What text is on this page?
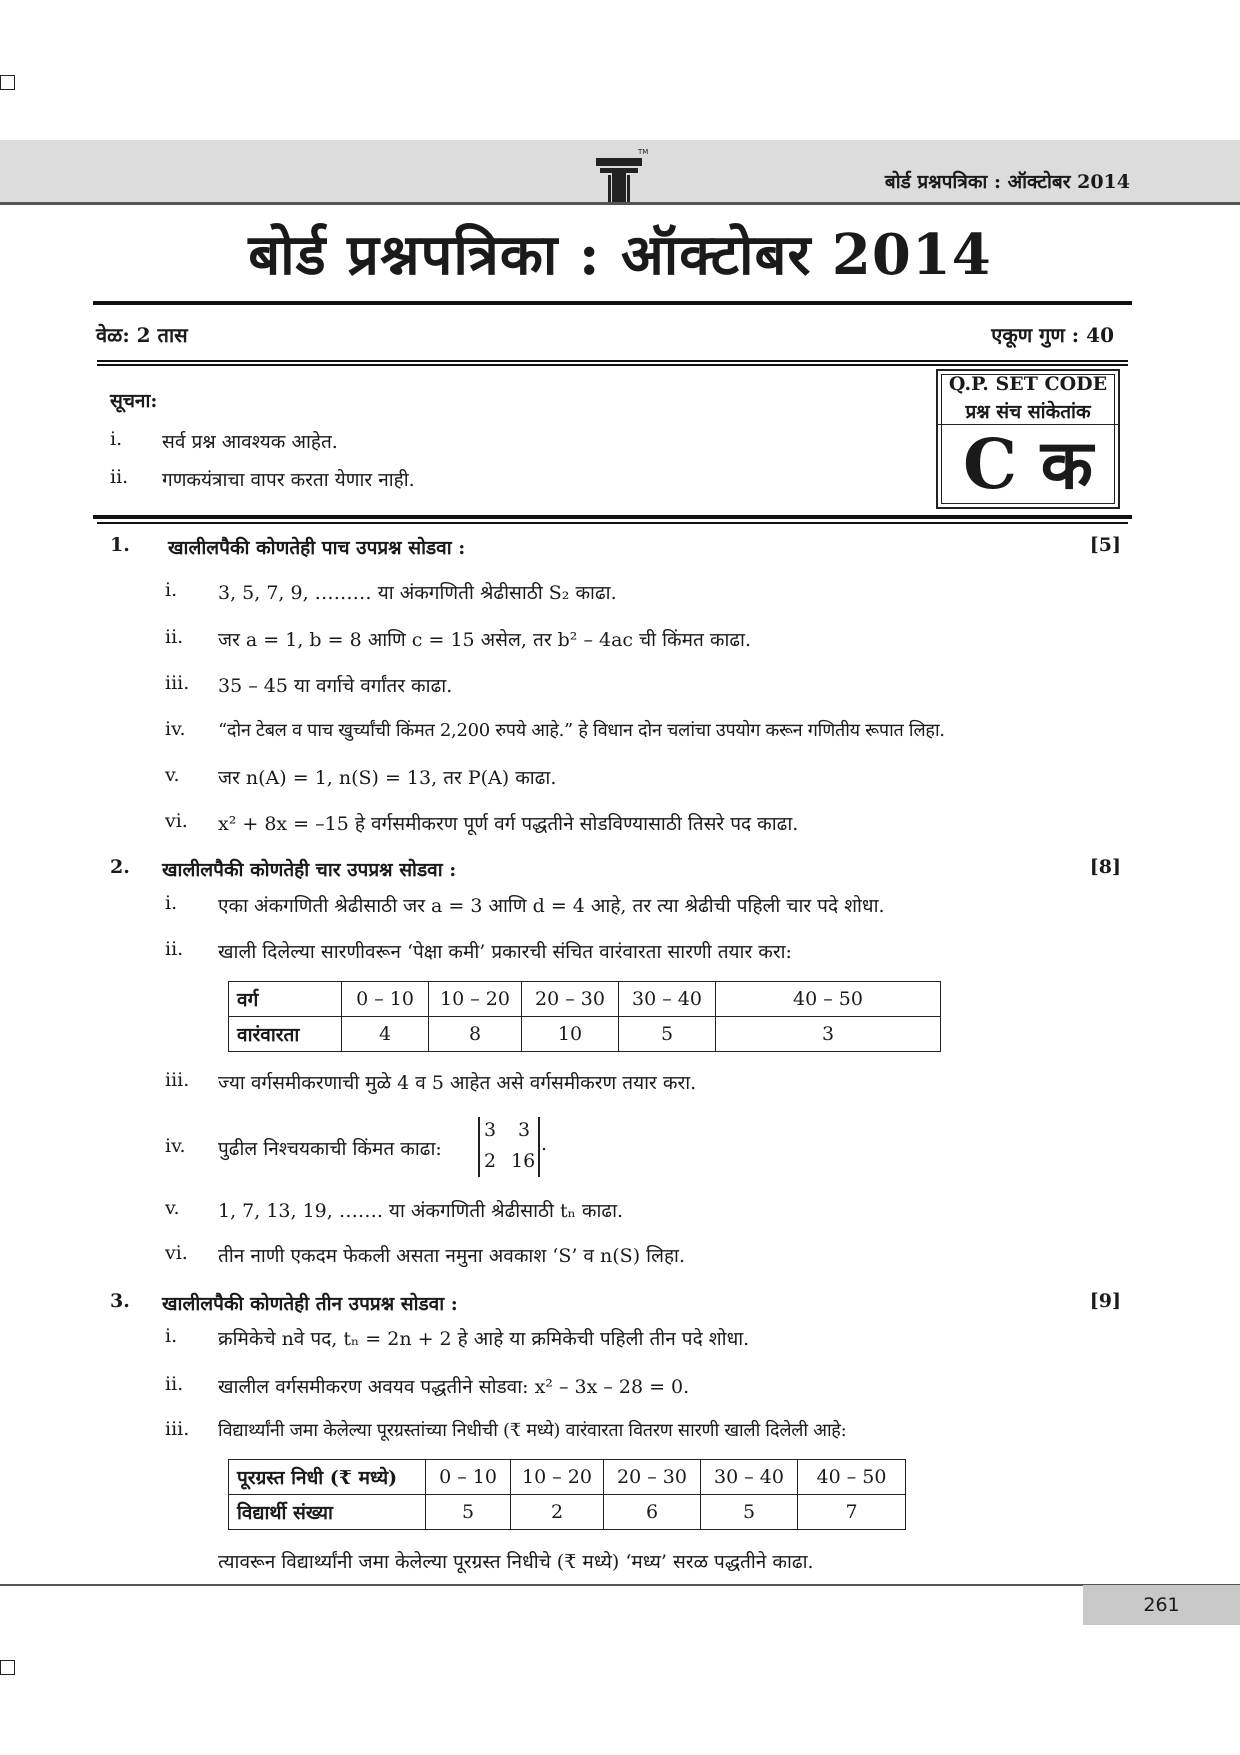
TM
बोर्ड प्रश्नपत्रिका : ऑक्टोबर 2014
बोर्ड प्रश्नपत्रिका : ऑक्टोबर 2014
वेळ: 2 तास	एकूण गुण : 40
Q.P. SET CODE
प्रश्न संच सांकेतांक
C क
सूचना:
i. सर्व प्रश्न आवश्यक आहेत.
ii. गणकयंत्राचा वापर करता येणार नाही.
1. खालीलपैकी कोणतेही पाच उपप्रश्न सोडवा :	[5]
i. 3, 5, 7, 9, ……… या अंकगणिती श्रेढीसाठी S₂ काढा.
ii. जर a = 1, b = 8 आणि c = 15 असेल, तर b² – 4ac ची किंमत काढा.
iii. 35 – 45 या वर्गाचे वर्गांतर काढा.
iv. “दोन टेबल व पाच खुर्च्यांची किंमत 2,200 रुपये आहे.” हे विधान दोन चलांचा उपयोग करून गणितीय रूपात लिहा.
v. जर n(A) = 1, n(S) = 13, तर P(A) काढा.
vi. x² + 8x = –15 हे वर्गसमीकरण पूर्ण वर्ग पद्धतीने सोडविण्यासाठी तिसरे पद काढा.
2. खालीलपैकी कोणतेही चार उपप्रश्न सोडवा :	[8]
i. एका अंकगणिती श्रेढीसाठी जर a = 3 आणि d = 4 आहे, तर त्या श्रेढीची पहिली चार पदे शोधा.
ii. खाली दिलेल्या सारणीवरून ‘पेक्षा कमी’ प्रकारची संचित वारंवारता सारणी तयार करा:
वर्ग	0 – 10	10 – 20	20 – 30	30 – 40	40 – 50
वारंवारता	4	8	10	5	3
iii. ज्या वर्गसमीकरणाची मुळे 4 व 5 आहेत असे वर्गसमीकरण तयार करा.
iv. पुढील निश्चयकाची किंमत काढा:
3 3
2 16
.
v. 1, 7, 13, 19, ……. या अंकगणिती श्रेढीसाठी tₙ काढा.
vi. तीन नाणी एकदम फेकली असता नमुना अवकाश ‘S’ व n(S) लिहा.
3. खालीलपैकी कोणतेही तीन उपप्रश्न सोडवा :	[9]
i. क्रमिकेचे nवे पद, tₙ = 2n + 2 हे आहे या क्रमिकेची पहिली तीन पदे शोधा.
ii. खालील वर्गसमीकरण अवयव पद्धतीने सोडवा: x² – 3x – 28 = 0.
iii. विद्यार्थ्यांनी जमा केलेल्या पूरग्रस्तांच्या निधीची (₹ मध्ये) वारंवारता वितरण सारणी खाली दिलेली आहे:
पूरग्रस्त निधी (₹ मध्ये)	0 – 10	10 – 20	20 – 30	30 – 40	40 – 50
विद्यार्थी संख्या	5	2	6	5	7
त्यावरून विद्यार्थ्यांनी जमा केलेल्या पूरग्रस्त निधीचे (₹ मध्ये) ‘मध्य’ सरळ पद्धतीने काढा.
261
